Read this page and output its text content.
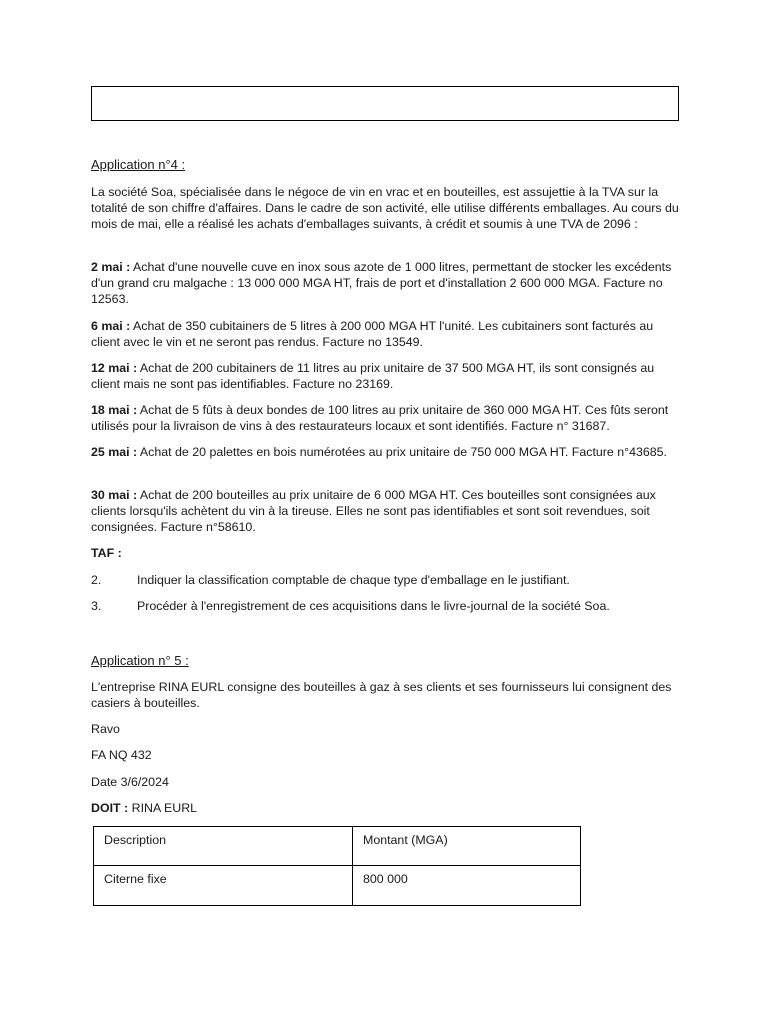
Application n°4 :

La société Soa, spécialisée dans le négoce de vin en vrac et en bouteilles, est assujettie à la TVA sur la totalité de son chiffre d'affaires. Dans le cadre de son activité, elle utilise différents emballages. Au cours du mois de mai, elle a réalisé les achats d'emballages suivants, à crédit et soumis à une TVA de 2096 :

2 mai : Achat d'une nouvelle cuve en inox sous azote de 1 000 litres, permettant de stocker les excédents d'un grand cru malgache : 13 000 000 MGA HT, frais de port et d'installation 2 600 000 MGA. Facture no 12563.

6 mai : Achat de 350 cubitainers de 5 litres à 200 000 MGA HT l'unité. Les cubitainers sont facturés au client avec le vin et ne seront pas rendus. Facture no 13549.

12 mai : Achat de 200 cubitainers de 11 litres au prix unitaire de 37 500 MGA HT, ils sont consignés au client mais ne sont pas identifiables. Facture no 23169.

18 mai : Achat de 5 fûts à deux bondes de 100 litres au prix unitaire de 360 000 MGA HT. Ces fûts seront utilisés pour la livraison de vins à des restaurateurs locaux et sont identifiés. Facture n° 31687.

25 mai : Achat de 20 palettes en bois numérotées au prix unitaire de 750 000 MGA HT. Facture n°43685.

30 mai : Achat de 200 bouteilles au prix unitaire de 6 000 MGA HT. Ces bouteilles sont consignées aux clients lorsqu'ils achètent du vin à la tireuse. Elles ne sont pas identifiables et sont soit revendues, soit consignées. Facture n°58610.

TAF :
2.	Indiquer la classification comptable de chaque type d'emballage en le justifiant.
3.	Procéder à l'enregistrement de ces acquisitions dans le livre-journal de la société Soa.
Application n° 5 :

L'entreprise RINA EURL consigne des bouteilles à gaz à ses clients et ses fournisseurs lui consignent des casiers à bouteilles.

Ravo
FA NQ 432
Date 3/6/2024
DOIT : RINA EURL
Description	Montant (MGA)
Citerne fixe	800 000
